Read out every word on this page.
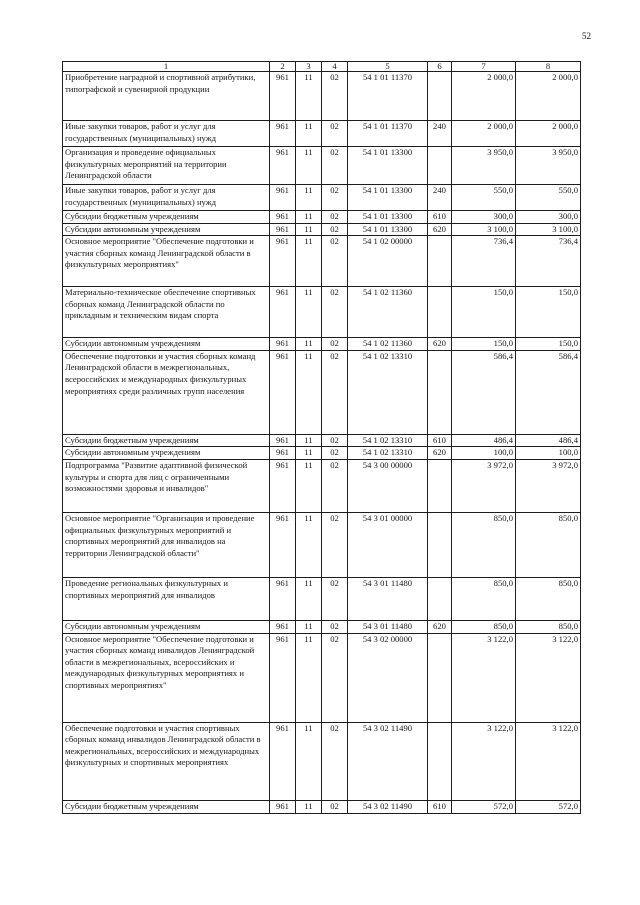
52
1	2	3	4	5	6	7	8
Приобретение наградной и спортивной атрибутики, типографской и сувенирной продукции	961	11	02	54 1 01 11370		2 000,0	2 000,0
Иные закупки товаров, работ и услуг для государственных (муниципальных) нужд	961	11	02	54 1 01 11370	240	2 000,0	2 000,0
Организация и проведение официальных физкультурных мероприятий на территории Ленинградской области	961	11	02	54 1 01 13300		3 950,0	3 950,0
Иные закупки товаров, работ и услуг для государственных (муниципальных) нужд	961	11	02	54 1 01 13300	240	550,0	550,0
Субсидии бюджетным учреждениям	961	11	02	54 1 01 13300	610	300,0	300,0
Субсидии автономным учреждениям	961	11	02	54 1 01 13300	620	3 100,0	3 100,0
Основное мероприятие "Обеспечение подготовки и участия сборных команд Ленинградской области в физкультурных мероприятиях"	961	11	02	54 1 02 00000		736,4	736,4
Материально-техническое обеспечение спортивных сборных команд Ленинградской области по прикладным и техническим видам спорта	961	11	02	54 1 02 11360		150,0	150,0
Субсидии автономным учреждениям	961	11	02	54 1 02 11360	620	150,0	150,0
Обеспечение подготовки и участия сборных команд Ленинградской области в межрегиональных, всероссийских и международных физкультурных мероприятиях среди различных групп населения	961	11	02	54 1 02 13310		586,4	586,4
Субсидии бюджетным учреждениям	961	11	02	54 1 02 13310	610	486,4	486,4
Субсидии автономным учреждениям	961	11	02	54 1 02 13310	620	100,0	100,0
Подпрограмма "Развитие адаптивной физической культуры и спорта для лиц с ограниченными возможностями здоровья и инвалидов"	961	11	02	54 3 00 00000		3 972,0	3 972,0
Основное мероприятие "Организация и проведение официальных физкультурных мероприятий и спортивных мероприятий для инвалидов на территории Ленинградской области"	961	11	02	54 3 01 00000		850,0	850,0
Проведение региональных физкультурных и спортивных мероприятий для инвалидов	961	11	02	54 3 01 11480		850,0	850,0
Субсидии автономным учреждениям	961	11	02	54 3 01 11480	620	850,0	850,0
Основное мероприятие "Обеспечение подготовки и участия сборных команд инвалидов Ленинградской области в межрегиональных, всероссийских и международных физкультурных мероприятиях и спортивных мероприятиях"	961	11	02	54 3 02 00000		3 122,0	3 122,0
Обеспечение подготовки и участия спортивных сборных команд инвалидов Ленинградской области в межрегиональных, всероссийских и международных физкультурных и спортивных мероприятиях	961	11	02	54 3 02 11490		3 122,0	3 122,0
Субсидии бюджетным учреждениям	961	11	02	54 3 02 11490	610	572,0	572,0
